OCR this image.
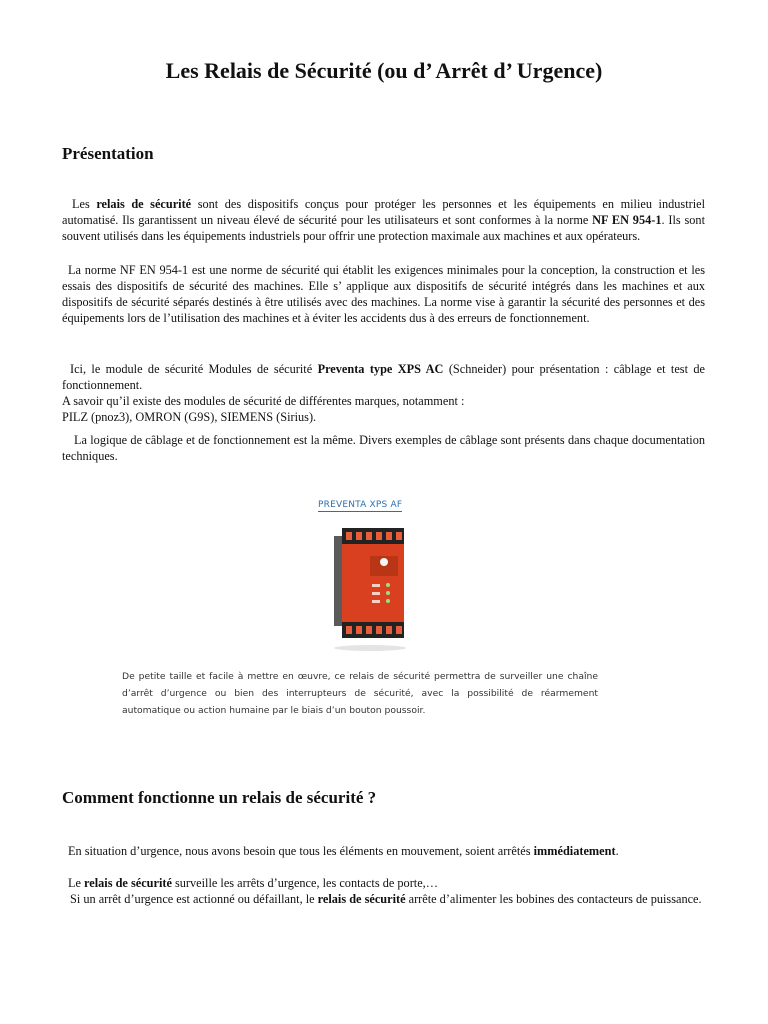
Les Relais de Sécurité (ou d’ Arrêt d’ Urgence)
Présentation

Les relais de sécurité sont des dispositifs conçus pour protéger les personnes et les équipements en milieu industriel automatisé. Ils garantissent un niveau élevé de sécurité pour les utilisateurs et sont conformes à la norme NF EN 954-1. Ils sont souvent utilisés dans les équipements industriels pour offrir une protection maximale aux machines et aux opérateurs.

La norme NF EN 954-1 est une norme de sécurité qui établit les exigences minimales pour la conception, la construction et les essais des dispositifs de sécurité des machines. Elle s’ applique aux dispositifs de sécurité intégrés dans les machines et aux dispositifs de sécurité séparés destinés à être utilisés avec des machines. La norme vise à garantir la sécurité des personnes et des équipements lors de l’utilisation des machines et à éviter les accidents dus à des erreurs de fonctionnement.

Ici, le module de sécurité Modules de sécurité Preventa type XPS AC (Schneider) pour présentation : câblage et test de fonctionnement.
A savoir qu’il existe des modules de sécurité de différentes marques, notamment :
PILZ (pnoz3), OMRON (G9S), SIEMENS (Sirius).

La logique de câblage et de fonctionnement est la même. Divers exemples de câblage sont présents dans chaque documentation techniques.

PREVENTA XPS AF

De petite taille et facile à mettre en œuvre, ce relais de sécurité permettra de surveiller une chaîne d’arrêt d’urgence ou bien des interrupteurs de sécurité, avec la possibilité de réarmement automatique ou action humaine par le biais d’un bouton poussoir.

Comment fonctionne un relais de sécurité ?

En situation d’urgence, nous avons besoin que tous les éléments en mouvement, soient arrêtés immédiatement.

Le relais de sécurité surveille les arrêts d’urgence, les contacts de porte,…

Si un arrêt d’urgence est actionné ou défaillant, le relais de sécurité arrête d’alimenter les bobines des contacteurs de puissance.
